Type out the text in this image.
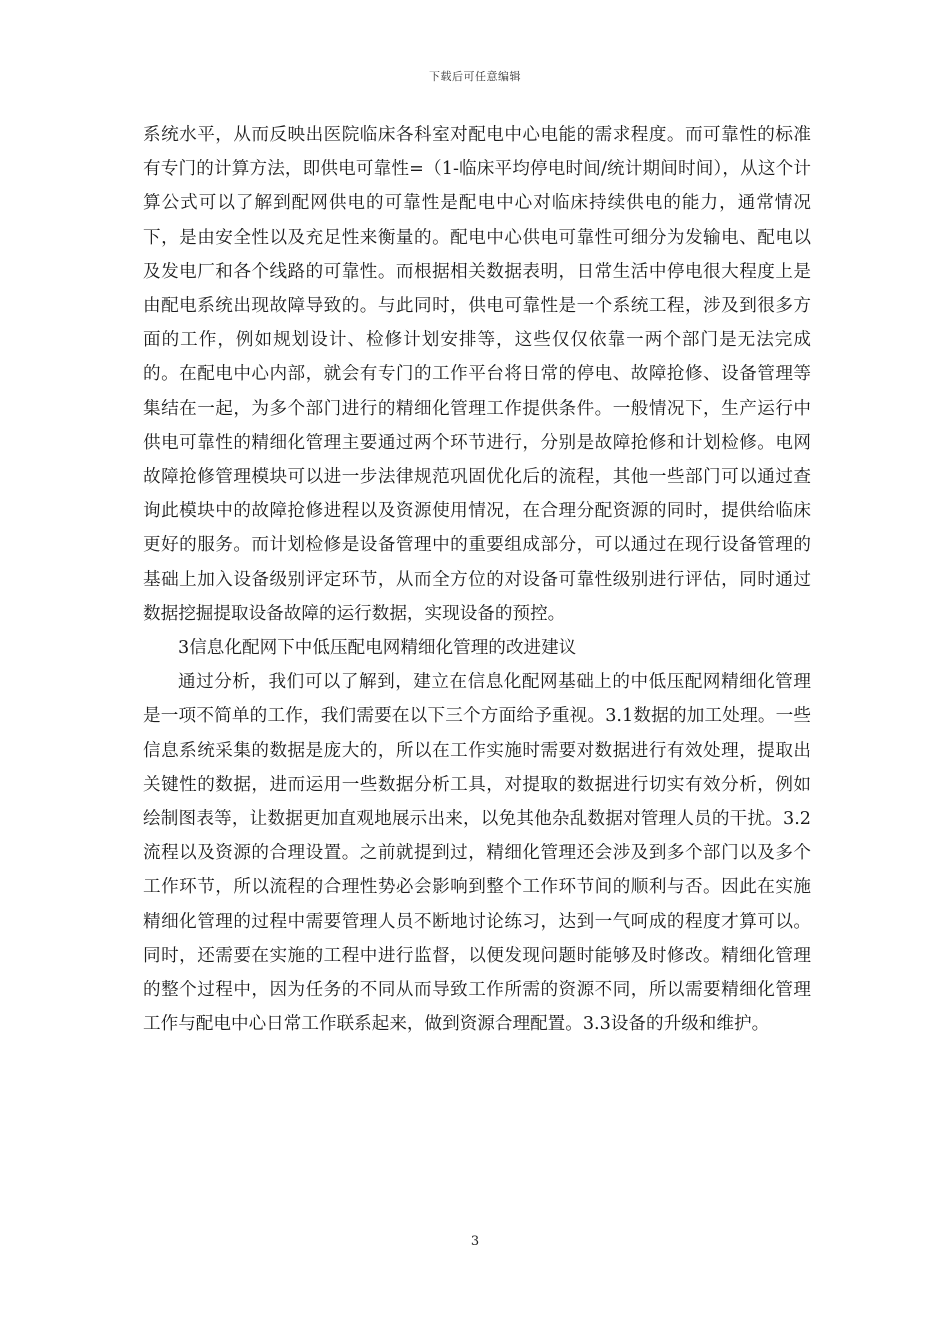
下载后可任意编辑

系统水平，从而反映出医院临床各科室对配电中心电能的需求程度。而可靠性的标准有专门的计算方法，即供电可靠性=（1-临床平均停电时间/统计期间时间），从这个计算公式可以了解到配网供电的可靠性是配电中心对临床持续供电的能力，通常情况下，是由安全性以及充足性来衡量的。配电中心供电可靠性可细分为发输电、配电以及发电厂和各个线路的可靠性。而根据相关数据表明，日常生活中停电很大程度上是由配电系统出现故障导致的。与此同时，供电可靠性是一个系统工程，涉及到很多方面的工作，例如规划设计、检修计划安排等，这些仅仅依靠一两个部门是无法完成的。在配电中心内部，就会有专门的工作平台将日常的停电、故障抢修、设备管理等集结在一起，为多个部门进行的精细化管理工作提供条件。一般情况下，生产运行中供电可靠性的精细化管理主要通过两个环节进行，分别是故障抢修和计划检修。电网故障抢修管理模块可以进一步法律规范巩固优化后的流程，其他一些部门可以通过查询此模块中的故障抢修进程以及资源使用情况，在合理分配资源的同时，提供给临床更好的服务。而计划检修是设备管理中的重要组成部分，可以通过在现行设备管理的基础上加入设备级别评定环节，从而全方位的对设备可靠性级别进行评估，同时通过数据挖掘提取设备故障的运行数据，实现设备的预控。

3信息化配网下中低压配电网精细化管理的改进建议

通过分析，我们可以了解到，建立在信息化配网基础上的中低压配网精细化管理是一项不简单的工作，我们需要在以下三个方面给予重视。3.1数据的加工处理。一些信息系统采集的数据是庞大的，所以在工作实施时需要对数据进行有效处理，提取出关键性的数据，进而运用一些数据分析工具，对提取的数据进行切实有效分析，例如绘制图表等，让数据更加直观地展示出来，以免其他杂乱数据对管理人员的干扰。3.2流程以及资源的合理设置。之前就提到过，精细化管理还会涉及到多个部门以及多个工作环节，所以流程的合理性势必会影响到整个工作环节间的顺利与否。因此在实施精细化管理的过程中需要管理人员不断地讨论练习，达到一气呵成的程度才算可以。同时，还需要在实施的工程中进行监督，以便发现问题时能够及时修改。精细化管理的整个过程中，因为任务的不同从而导致工作所需的资源不同，所以需要精细化管理工作与配电中心日常工作联系起来，做到资源合理配置。3.3设备的升级和维护。

3
